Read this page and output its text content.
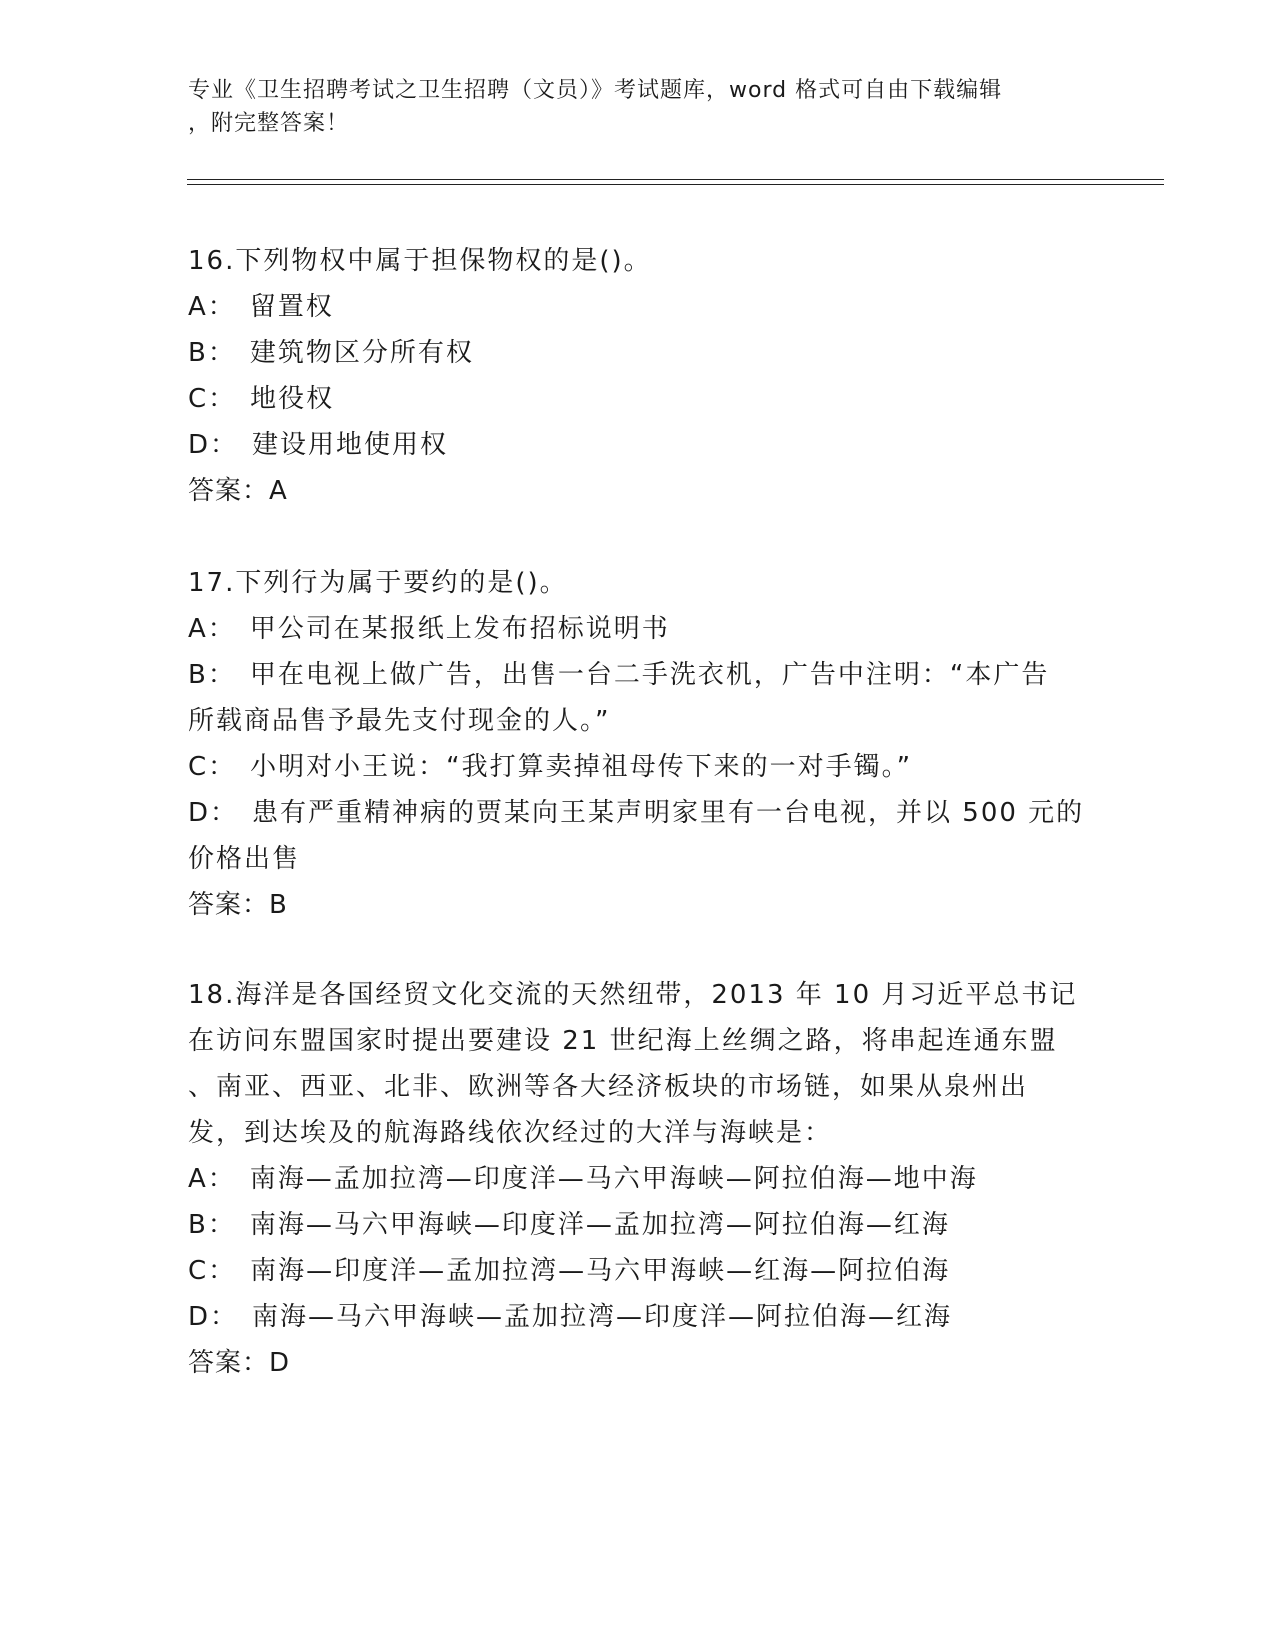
专业《卫生招聘考试之卫生招聘（文员）》考试题库，word 格式可自由下载编辑
，附完整答案！
16.下列物权中属于担保物权的是()。
A： 留置权
B： 建筑物区分所有权
C： 地役权
D： 建设用地使用权
答案：A
17.下列行为属于要约的是()。
A： 甲公司在某报纸上发布招标说明书
B： 甲在电视上做广告，出售一台二手洗衣机，广告中注明：“本广告
所载商品售予最先支付现金的人。”
C： 小明对小王说：“我打算卖掉祖母传下来的一对手镯。”
D： 患有严重精神病的贾某向王某声明家里有一台电视，并以 500 元的
价格出售
答案：B
18.海洋是各国经贸文化交流的天然纽带，2013 年 10 月习近平总书记
在访问东盟国家时提出要建设 21 世纪海上丝绸之路，将串起连通东盟
、南亚、西亚、北非、欧洲等各大经济板块的市场链，如果从泉州出
发，到达埃及的航海路线依次经过的大洋与海峡是：
A： 南海—孟加拉湾—印度洋—马六甲海峡—阿拉伯海—地中海
B： 南海—马六甲海峡—印度洋—孟加拉湾—阿拉伯海—红海
C： 南海—印度洋—孟加拉湾—马六甲海峡—红海—阿拉伯海
D： 南海—马六甲海峡—孟加拉湾—印度洋—阿拉伯海—红海
答案：D
